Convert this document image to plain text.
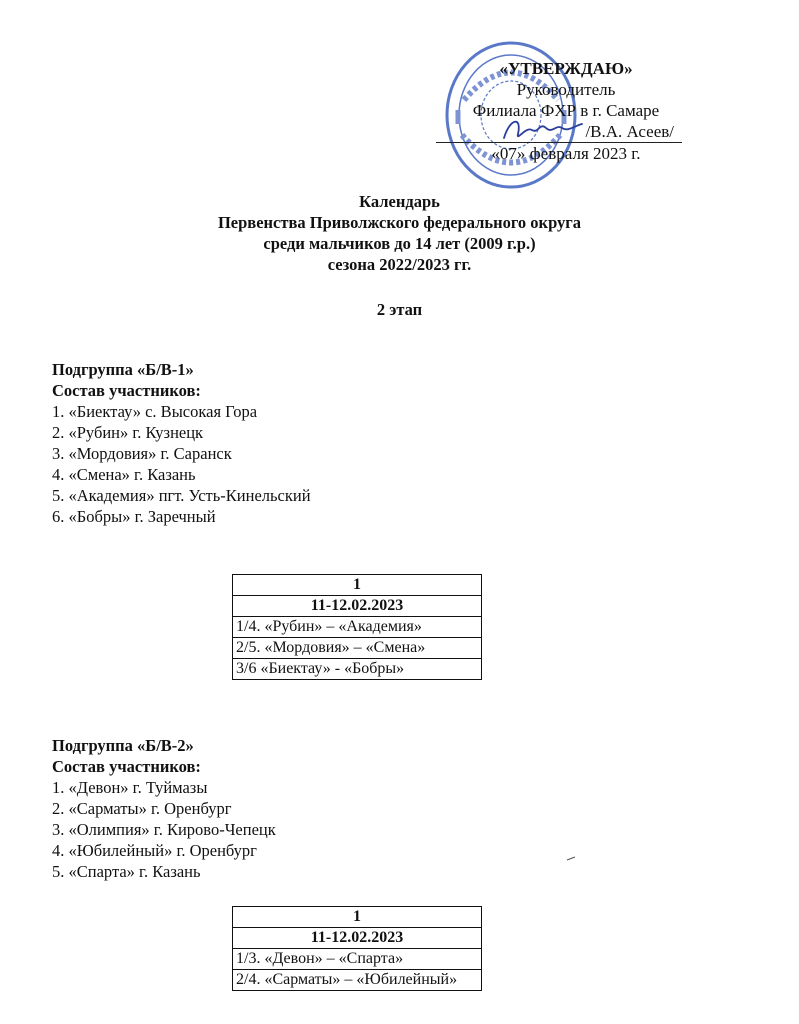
«УТВЕРЖДАЮ»
Руководитель
Филиала ФХР в г. Самаре
/В.А. Асеев/
«07» февраля 2023 г.
Календарь
Первенства Приволжского федерального округа
среди мальчиков до 14 лет (2009 г.р.)
сезона 2022/2023 гг.
2 этап
Подгруппа «Б/В-1»
Состав участников:
1. «Биектау» с. Высокая Гора
2. «Рубин» г. Кузнецк
3. «Мордовия» г. Саранск
4. «Смена» г. Казань
5. «Академия» пгт. Усть-Кинельский
6. «Бобры» г. Заречный
1
11-12.02.2023
1/4. «Рубин» – «Академия»
2/5. «Мордовия» – «Смена»
3/6 «Биектау» - «Бобры»
Подгруппа «Б/В-2»
Состав участников:
1. «Девон» г. Туймазы
2. «Сарматы» г. Оренбург
3. «Олимпия» г. Кирово-Чепецк
4. «Юбилейный» г. Оренбург
5. «Спарта» г. Казань
1
11-12.02.2023
1/3. «Девон» – «Спарта»
2/4. «Сарматы» – «Юбилейный»
